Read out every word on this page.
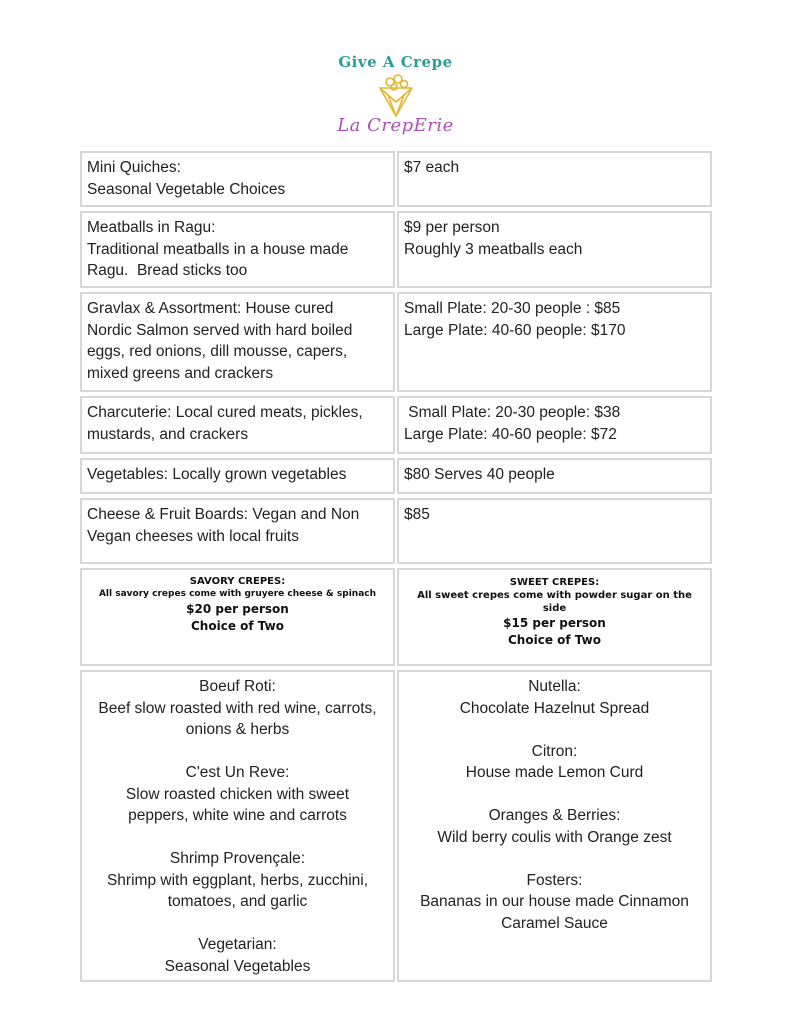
Give A Crepe
La CrepErie
Mini Quiches:
Seasonal Vegetable Choices
$7 each
Meatballs in Ragu:
Traditional meatballs in a house made
Ragu.  Bread sticks too
$9 per person
Roughly 3 meatballs each
Gravlax & Assortment: House cured
Nordic Salmon served with hard boiled
eggs, red onions, dill mousse, capers,
mixed greens and crackers
Small Plate: 20-30 people : $85
Large Plate: 40-60 people: $170
Charcuterie: Local cured meats, pickles,
mustards, and crackers
Small Plate: 20-30 people: $38
Large Plate: 40-60 people: $72
Vegetables: Locally grown vegetables	$80 Serves 40 people
Cheese & Fruit Boards: Vegan and Non
Vegan cheeses with local fruits
$85
SAVORY CREPES:
All savory crepes come with gruyere cheese & spinach
$20 per person
Choice of Two
SWEET CREPES:
All sweet crepes come with powder sugar on the side
$15 per person
Choice of Two
Boeuf Roti:
Beef slow roasted with red wine, carrots,
onions & herbs
C'est Un Reve:
Slow roasted chicken with sweet
peppers, white wine and carrots
Shrimp Provençale:
Shrimp with eggplant, herbs, zucchini,
tomatoes, and garlic
Vegetarian:
Seasonal Vegetables
Nutella:
Chocolate Hazelnut Spread
Citron:
House made Lemon Curd
Oranges & Berries:
Wild berry coulis with Orange zest
Fosters:
Bananas in our house made Cinnamon
Caramel Sauce
